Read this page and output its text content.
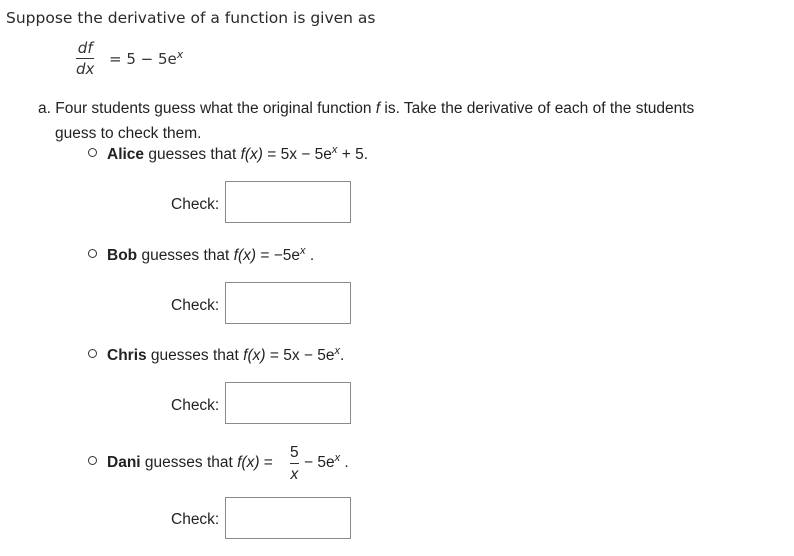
Suppose the derivative of a function is given as
df
dx
= $5 - 5e^x$
a. Four students guess what the original function f is. Take the derivative of each of the students
guess to check them.
Alice guesses that $f(x) = 5x - 5e^x + 5$.
Check:
Bob guesses that $f(x) = -5e^x$ .
Check:
Chris guesses that $f(x) = 5x - 5e^x$.
Check:
Dani guesses that f(x) =
5
x
− $5e^x$ .
Check:
